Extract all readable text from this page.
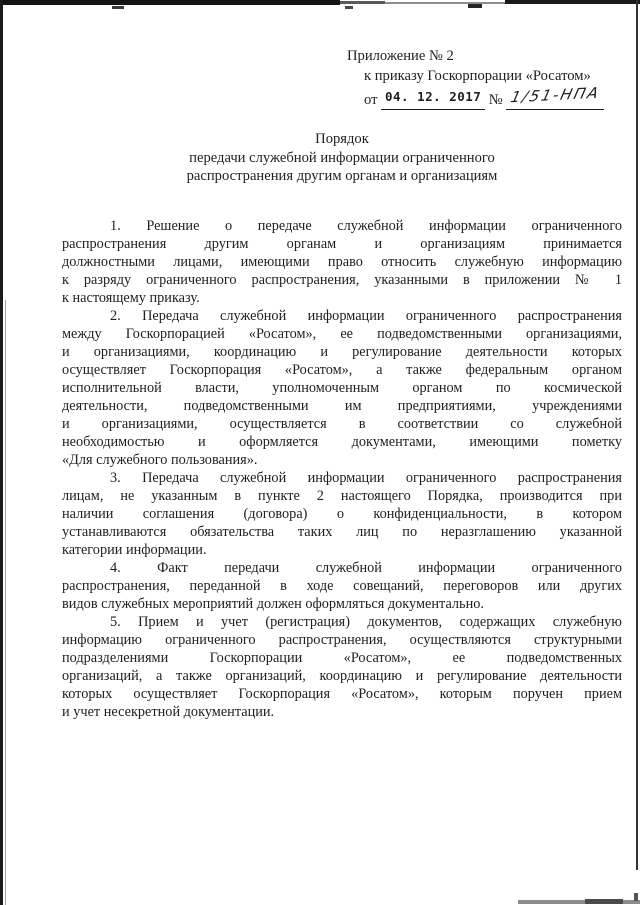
Приложение № 2
к приказу Госкорпорации «Росатом»
от 04. 12. 2017 № 1/51-НПА
Порядок
передачи служебной информации ограниченного
распространения другим органам и организациям

1. Решение о передаче служебной информации ограниченного
распространения другим органам и организациям принимается
должностными лицами, имеющими право относить служебную информацию
к разряду ограниченного распространения, указанными в приложении № 1
к настоящему приказу.

2. Передача служебной информации ограниченного распространения
между Госкорпорацией «Росатом», ее подведомственными организациями,
и организациями, координацию и регулирование деятельности которых
осуществляет Госкорпорация «Росатом», а также федеральным органом
исполнительной власти, уполномоченным органом по космической
деятельности, подведомственными им предприятиями, учреждениями
и организациями, осуществляется в соответствии со служебной
необходимостью и оформляется документами, имеющими пометку
«Для служебного пользования».

3. Передача служебной информации ограниченного распространения
лицам, не указанным в пункте 2 настоящего Порядка, производится при
наличии соглашения (договора) о конфиденциальности, в котором
устанавливаются обязательства таких лиц по неразглашению указанной
категории информации.

4. Факт передачи служебной информации ограниченного
распространения, переданной в ходе совещаний, переговоров или других
видов служебных мероприятий должен оформляться документально.

5. Прием и учет (регистрация) документов, содержащих служебную
информацию ограниченного распространения, осуществляются структурными
подразделениями Госкорпорации «Росатом», ее подведомственных
организаций, а также организаций, координацию и регулирование деятельности
которых осуществляет Госкорпорация «Росатом», которым поручен прием
и учет несекретной документации.
